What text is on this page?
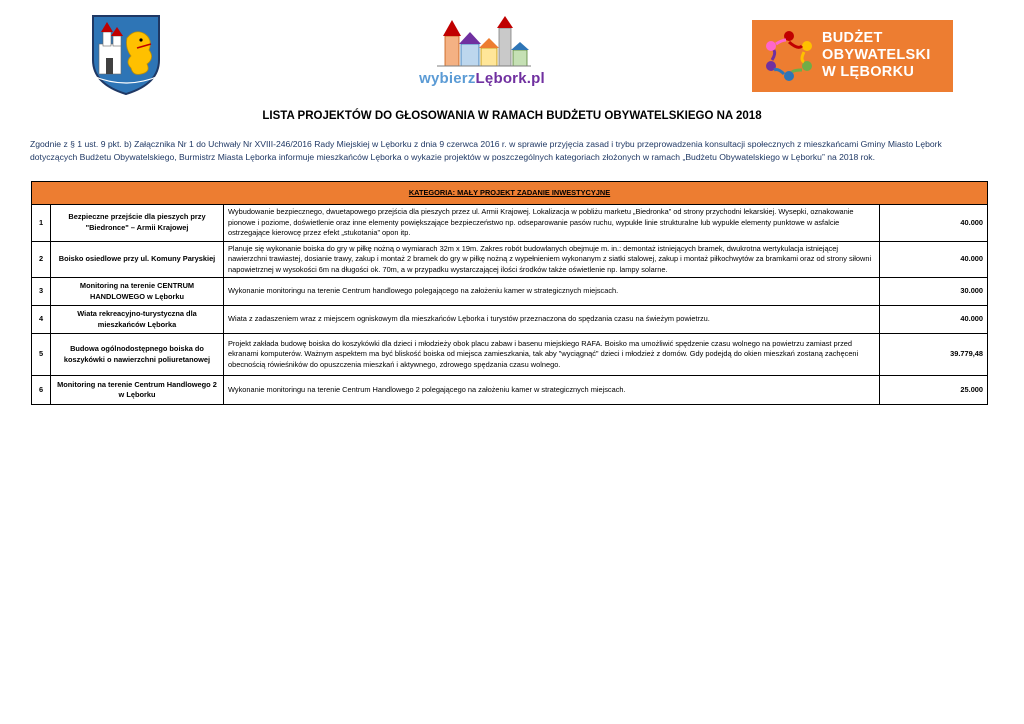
wybierzLębork.pl
BUDŻET
OBYWATELSKI
W LĘBORKU
LISTA PROJEKTÓW DO GŁOSOWANIA W RAMACH BUDŻETU OBYWATELSKIEGO NA 2018
Zgodnie z § 1 ust. 9 pkt. b) Załącznika Nr 1 do Uchwały Nr XVIII-246/2016 Rady Miejskiej w Lęborku z dnia 9 czerwca 2016 r. w sprawie przyjęcia zasad i trybu przeprowadzenia konsultacji społecznych z mieszkańcami Gminy Miasto Lębork dotyczących Budżetu Obywatelskiego, Burmistrz Miasta Lęborka informuje mieszkańców Lęborka o wykazie projektów w poszczególnych kategoriach złożonych w ramach „Budżetu Obywatelskiego w Lęborku” na 2018 rok.
KATEGORIA: MAŁY PROJEKT ZADANIE INWESTYCYJNE			
1	Bezpieczne przejście dla pieszych przy "Biedronce" – Armii Krajowej	Wybudowanie bezpiecznego, dwuetapowego przejścia dla pieszych przez ul. Armii Krajowej. Lokalizacja w pobliżu marketu „Biedronka” od strony przychodni lekarskiej. Wysepki, oznakowanie pionowe i poziome, doświetlenie oraz inne elementy powiększające bezpieczeństwo np. odseparowanie pasów ruchu, wypukłe linie strukturalne lub wypukłe elementy punktowe w asfalcie ostrzegające kierowcę przez efekt „stukotania” opon itp.	40.000
2	Boisko osiedlowe przy ul. Komuny Paryskiej	Planuje się wykonanie boiska do gry w piłkę nożną o wymiarach 32m x 19m. Zakres robót budowlanych obejmuje m. in.: demontaż istniejących bramek, dwukrotna wertykulacja istniejącej nawierzchni trawiastej, dosianie trawy, zakup i montaż 2 bramek do gry w piłkę nożną z wypełnieniem wykonanym z siatki stalowej, zakup i montaż piłkochwytów za bramkami oraz od strony siłowni napowietrznej w wysokości 6m na długości ok. 70m, a w przypadku wystarczającej ilości środków także oświetlenie np. lampy solarne.	40.000
3	Monitoring na terenie CENTRUM HANDLOWEGO w Lęborku	Wykonanie monitoringu na terenie Centrum handlowego polegającego na założeniu kamer w strategicznych miejscach.	30.000
4	Wiata rekreacyjno-turystyczna dla mieszkańców Lęborka	Wiata z zadaszeniem wraz z miejscem ogniskowym dla mieszkańców Lęborka i turystów przeznaczona do spędzania czasu na świeżym powietrzu.	40.000
5	Budowa ogólnodostępnego boiska do koszykówki o nawierzchni poliuretanowej	Projekt zakłada budowę boiska do koszykówki dla dzieci i młodzieży obok placu zabaw i basenu miejskiego RAFA. Boisko ma umożliwić spędzenie czasu wolnego na powietrzu zamiast przed ekranami komputerów. Ważnym aspektem ma być bliskość boiska od miejsca zamieszkania, tak aby "wyciągnąć" dzieci i młodzież z domów. Gdy podejdą do okien mieszkań zostaną zachęceni obecnością rówieśników do opuszczenia mieszkań i aktywnego, zdrowego spędzania czasu wolnego.	39.779,48
6	Monitoring na terenie Centrum Handlowego 2 w Lęborku	Wykonanie monitoringu na terenie Centrum Handlowego 2 polegającego na założeniu kamer w strategicznych miejscach.	25.000
